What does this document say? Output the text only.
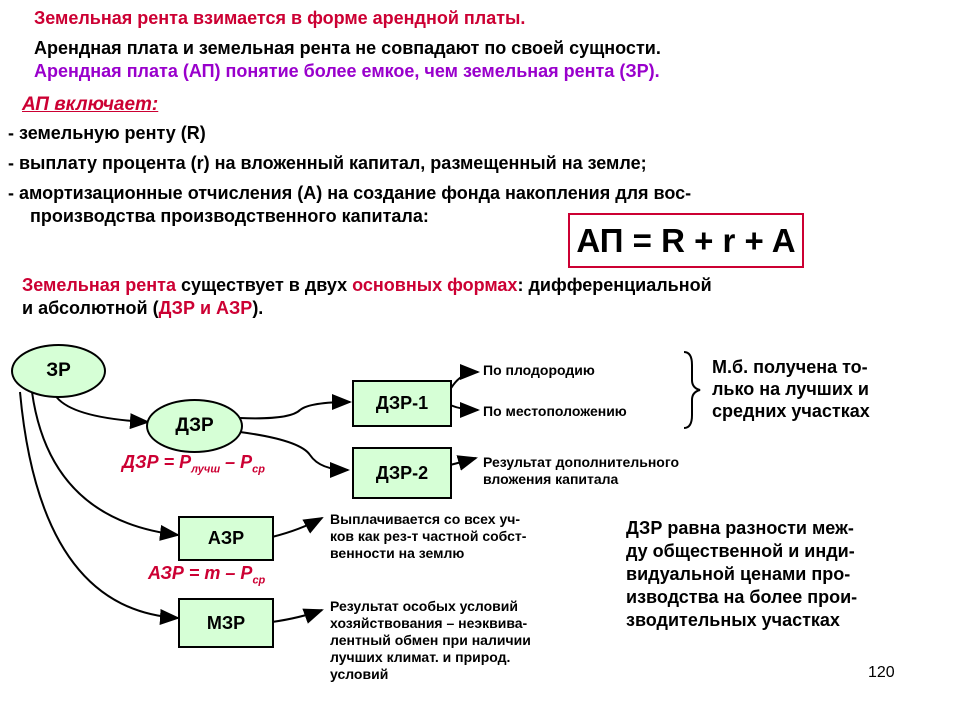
Земельная рента взимается в форме арендной платы.
Арендная плата и земельная рента не совпадают по своей сущности.
Арендная плата (АП) понятие более емкое, чем земельная рента (ЗР).
АП включает:
- земельную ренту (R)
- выплату процента (r) на вложенный капитал, размещенный на земле;
- амортизационные отчисления (А) на создание фонда накопления для вос-
производства производственного капитала:
АП = R + r + A
Земельная рента существует в двух основных формах: дифференциальной
и абсолютной (ДЗР и АЗР).
ЗР
ДЗР
ДЗР-1
ДЗР-2
АЗР
МЗР
ДЗР = $Р_{лучш} - Р_{ср}$
АЗР = m – $Р_{ср}$
По плодородию
По местоположению
М.б. получена то-
лько на лучших и
средних участках
Результат дополнительного
вложения капитала
Выплачивается со всех уч-
ков как рез-т частной собст-
венности на землю
Результат особых условий
хозяйствования – неэквива-
лентный обмен при наличии
лучших климат. и природ.
условий
ДЗР равна разности меж-
ду общественной и инди-
видуальной ценами про-
изводства на более прои-
зводительных участках
120
